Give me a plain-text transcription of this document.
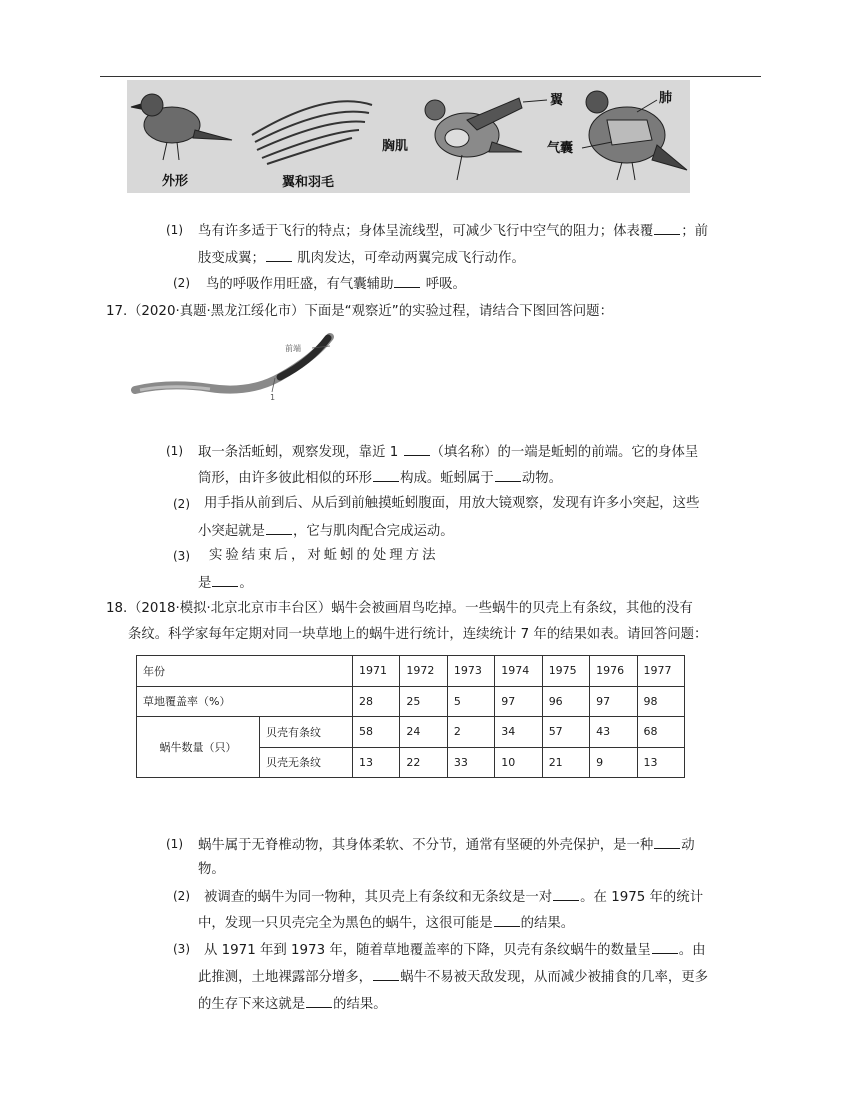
外形	翼和羽毛
胸肌
翼	肺
气囊
(1) 鸟有许多适于飞行的特点；身体呈流线型，可减少飞行中空气的阻力；体表覆 ；前
肢变成翼； 肌肉发达，可牵动两翼完成飞行动作。
(2) 鸟的呼吸作用旺盛，有气囊辅助 呼吸。
17. （2020·真题·黑龙江绥化市）下面是“观察近”的实验过程，请结合下图回答问题：
前端
1
(1) 取一条活蚯蚓，观察发现，靠近 1 （填名称）的一端是蚯蚓的前端。它的身体呈
筒形，由许多彼此相似的环形 构成。蚯蚓属于 动物。
(2) 用手指从前到后、从后到前触摸蚯蚓腹面，用放大镜观察，发现有许多小突起，这些
小突起就是 ，它与肌肉配合完成运动。
(3) 实验结束后，对蚯蚓的处理方法
是 。
18. （2018·模拟·北京北京市丰台区）蜗牛会被画眉鸟吃掉。一些蜗牛的贝壳上有条纹，其他的没有
条纹。科学家每年定期对同一块草地上的蜗牛进行统计，连续统计 7 年的结果如表。请回答问题：
年份		1971	1972	1973	1974	1975	1976	1977
草地覆盖率（%）		28	25	5	97	96	97	98
蜗牛数量（只）	贝壳有条纹	58	24	2	34	57	43	68
	贝壳无条纹	13	22	33	10	21	9	13
(1) 蜗牛属于无脊椎动物，其身体柔软、不分节，通常有坚硬的外壳保护，是一种 动
物。
(2) 被调查的蜗牛为同一物种，其贝壳上有条纹和无条纹是一对 。在 1975 年的统计
中，发现一只贝壳完全为黑色的蜗牛，这很可能是 的结果。
(3) 从 1971 年到 1973 年，随着草地覆盖率的下降，贝壳有条纹蜗牛的数量呈 。由
此推测，土地裸露部分增多， 蜗牛不易被天敌发现，从而减少被捕食的几率，更多
的生存下来这就是 的结果。
